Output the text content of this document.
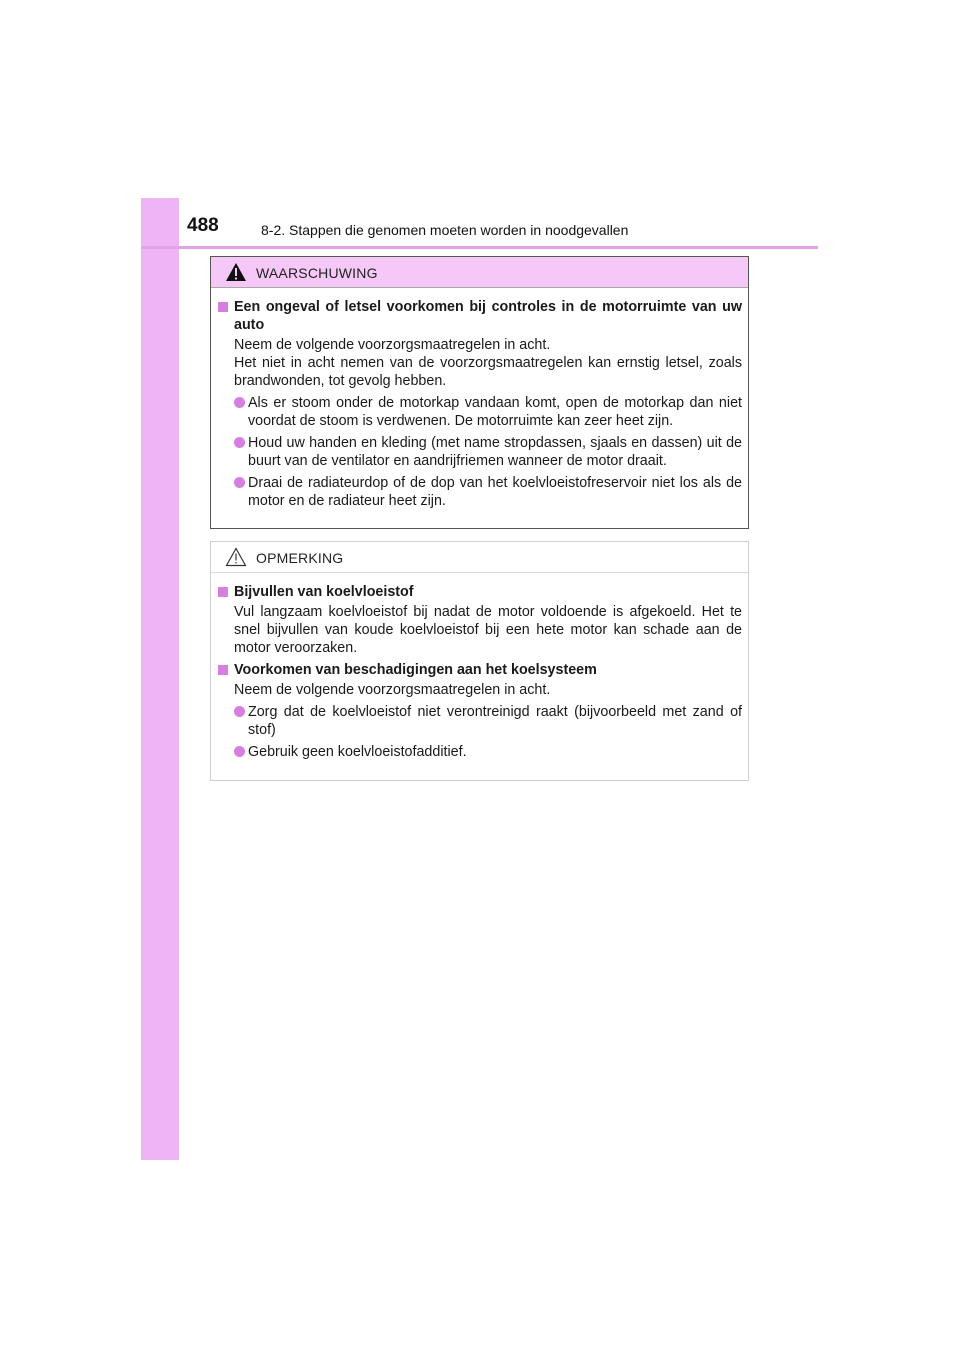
488	8-2. Stappen die genomen moeten worden in noodgevallen
WAARSCHUWING
Een ongeval of letsel voorkomen bij controles in de motorruimte van uw auto
Neem de volgende voorzorgsmaatregelen in acht.
Het niet in acht nemen van de voorzorgsmaatregelen kan ernstig letsel, zoals brandwonden, tot gevolg hebben.
Als er stoom onder de motorkap vandaan komt, open de motorkap dan niet voordat de stoom is verdwenen. De motorruimte kan zeer heet zijn.
Houd uw handen en kleding (met name stropdassen, sjaals en dassen) uit de buurt van de ventilator en aandrijfriemen wanneer de motor draait.
Draai de radiateurdop of de dop van het koelvloeistofreservoir niet los als de motor en de radiateur heet zijn.
OPMERKING
Bijvullen van koelvloeistof
Vul langzaam koelvloeistof bij nadat de motor voldoende is afgekoeld. Het te snel bijvullen van koude koelvloeistof bij een hete motor kan schade aan de motor veroorzaken.
Voorkomen van beschadigingen aan het koelsysteem
Neem de volgende voorzorgsmaatregelen in acht.
Zorg dat de koelvloeistof niet verontreinigd raakt (bijvoorbeeld met zand of stof)
Gebruik geen koelvloeistofadditief.
